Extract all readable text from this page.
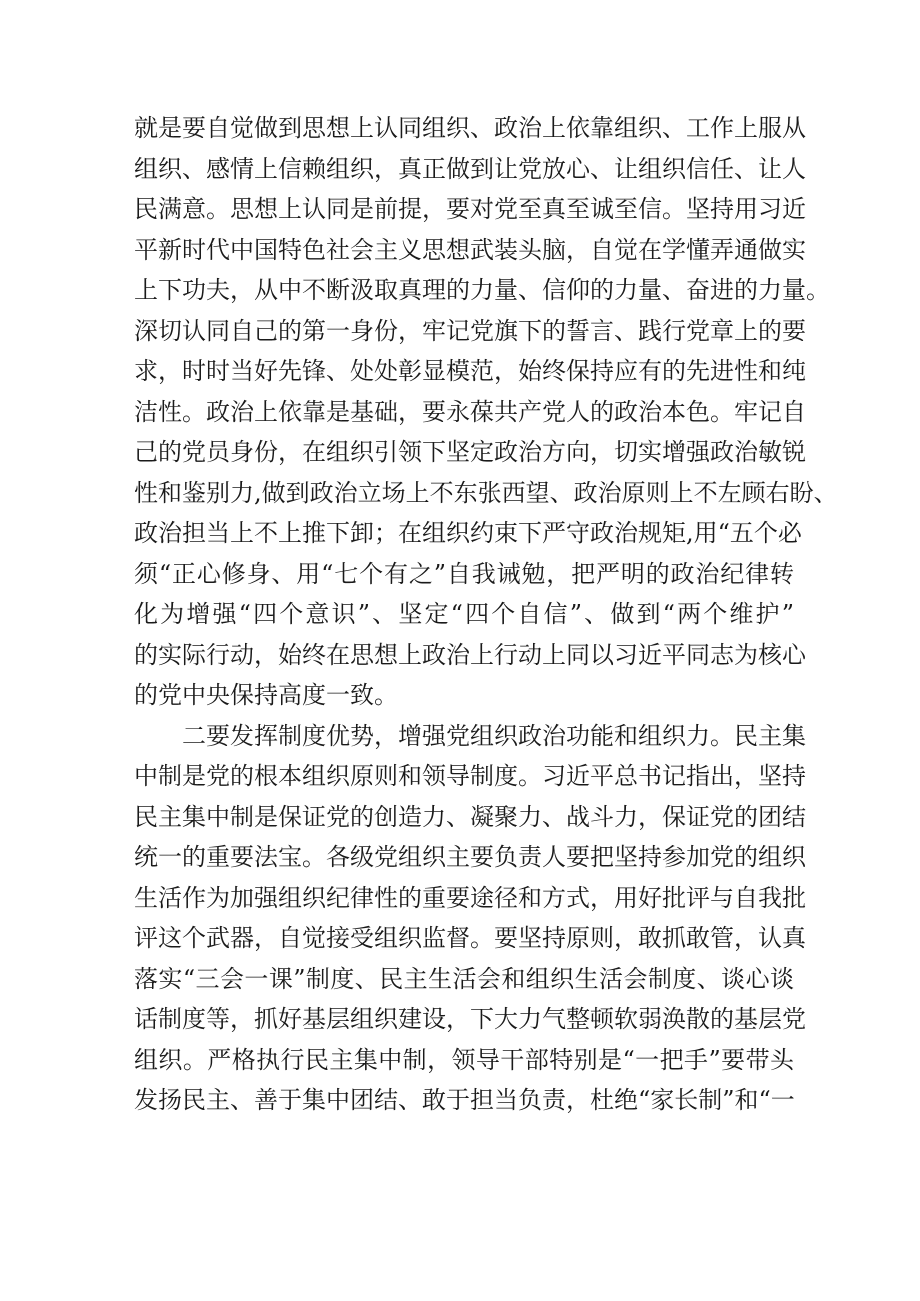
就是要自觉做到思想上认同组织、政治上依靠组织、工作上服从
组织、感情上信赖组织，真正做到让党放心、让组织信任、让人
民满意。思想上认同是前提，要对党至真至诚至信。坚持用习近
平新时代中国特色社会主义思想武装头脑，自觉在学懂弄通做实
上下功夫，从中不断汲取真理的力量、信仰的力量、奋进的力量。
深切认同自己的第一身份，牢记党旗下的誓言、践行党章上的要
求，时时当好先锋、处处彰显模范，始终保持应有的先进性和纯
洁性。政治上依靠是基础，要永葆共产党人的政治本色。牢记自
己的党员身份，在组织引领下坚定政治方向，切实增强政治敏锐
性和鉴别力,做到政治立场上不东张西望、政治原则上不左顾右盼、
政治担当上不上推下卸；在组织约束下严守政治规矩,用“五个必
须“正心修身、用“七个有之”自我诫勉，把严明的政治纪律转
化为增强“四个意识”、坚定“四个自信”、做到“两个维护”
的实际行动，始终在思想上政治上行动上同以习近平同志为核心
的党中央保持高度一致。
二要发挥制度优势，增强党组织政治功能和组织力。民主集
中制是党的根本组织原则和领导制度。习近平总书记指出，坚持
民主集中制是保证党的创造力、凝聚力、战斗力，保证党的团结
统一的重要法宝。各级党组织主要负责人要把坚持参加党的组织
生活作为加强组织纪律性的重要途径和方式，用好批评与自我批
评这个武器，自觉接受组织监督。要坚持原则，敢抓敢管，认真
落实“三会一课”制度、民主生活会和组织生活会制度、谈心谈
话制度等，抓好基层组织建设，下大力气整顿软弱涣散的基层党
组织。严格执行民主集中制，领导干部特别是“一把手”要带头
发扬民主、善于集中团结、敢于担当负责，杜绝“家长制”和“一
